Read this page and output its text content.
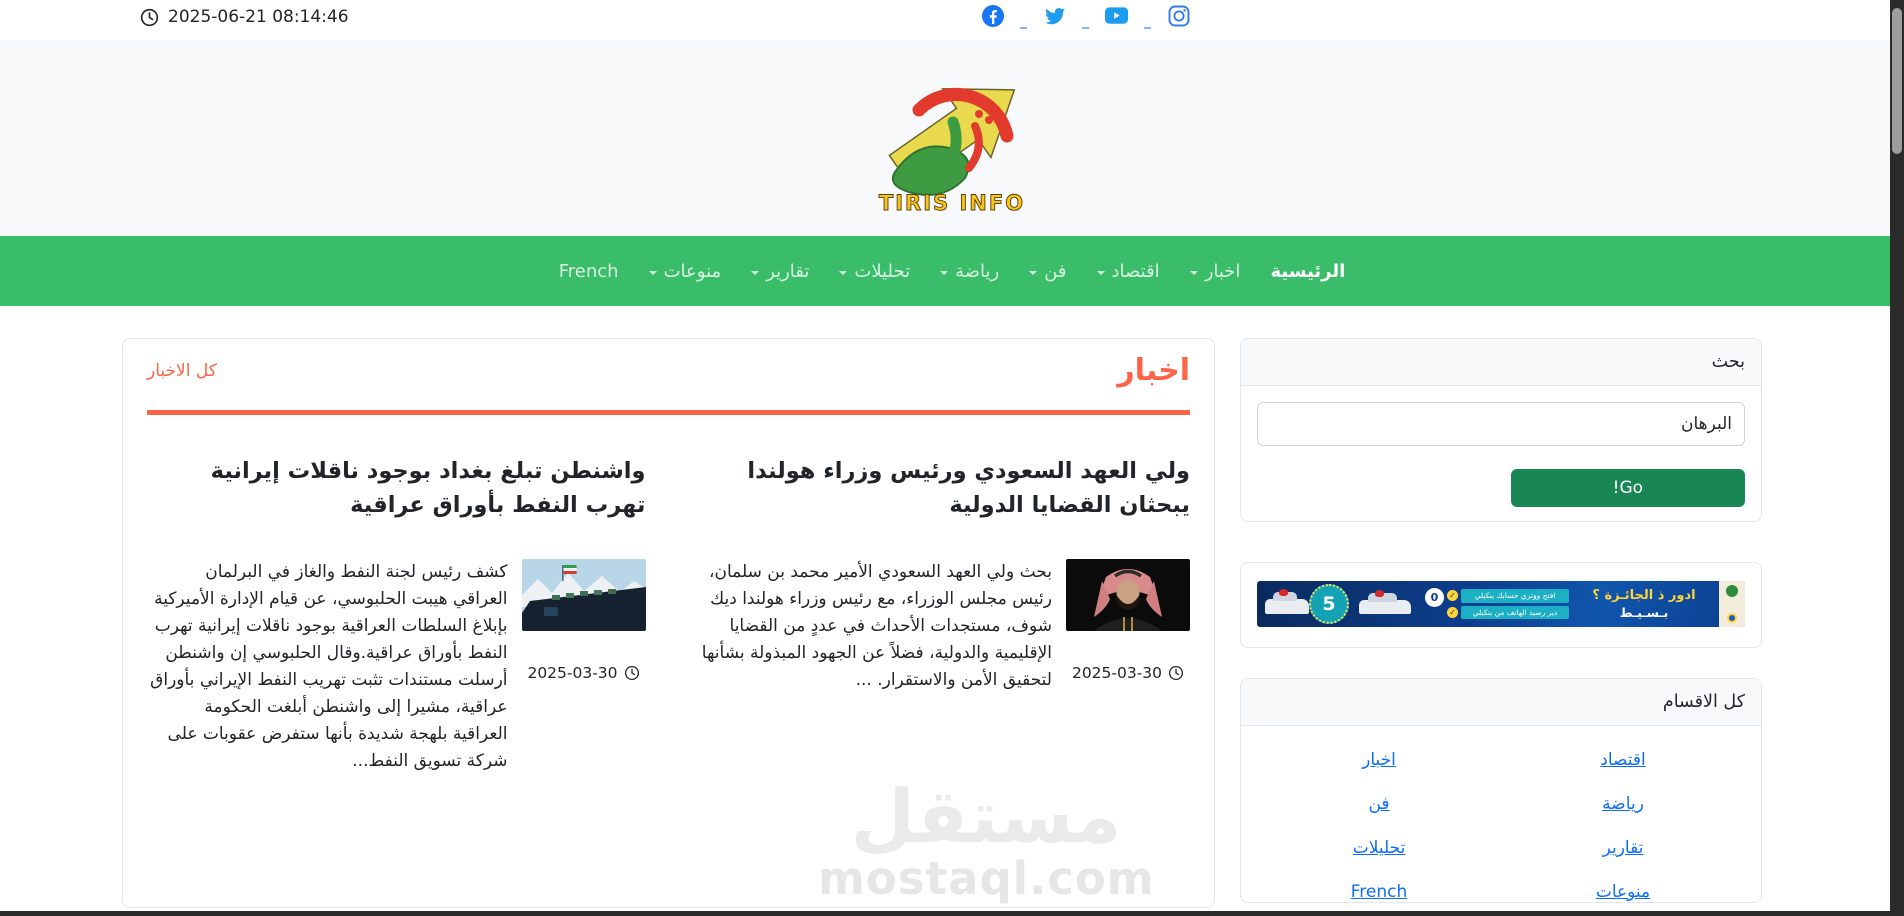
2025-06-21 08:14:46	_	_	_
TIRIS INFO
الرئيسية
اخبار
اقتصاد
فن
رياضة
تحليلات
تقارير
منوعات
French
اخبار
كل الاخبار
ولي العهد السعودي ورئيس وزراء هولندا يبحثان القضايا الدولية
2025-03-30

بحث ولي العهد السعودي الأمير محمد بن سلمان، رئيس مجلس الوزراء، مع رئيس وزراء هولندا ديك شوف، مستجدات الأحداث في عددٍ من القضايا الإقليمية والدولية، فضلاً عن الجهود المبذولة بشأنها لتحقيق الأمن والاستقرار. ...

واشنطن تبلغ بغداد بوجود ناقلات إيرانية تهرب النفط بأوراق عراقية
2025-03-30

كشف رئيس لجنة النفط والغاز في البرلمان العراقي هيبت الحلبوسي، عن قيام الإدارة الأميركية بإبلاغ السلطات العراقية بوجود ناقلات إيرانية تهرب النفط بأوراق عراقية.وقال الحلبوسي إن واشنطن أرسلت مستندات تثبت تهريب النفط الإيراني بأوراق عراقية، مشيرا إلى واشنطن أبلغت الحكومة العراقية بلهجة شديدة بأنها ستفرض عقوبات على شركة تسويق النفط...

بحث
البرهان
Go!
5	0	✓	افتح ووتري حسابك بنكيلي
✓	دير رصيد الهاتف من بنكيلي
ادور ذ الجائـزة ؟
بـسـيـط
كل الاقسام
اقتصاد
اخبار
رياضة
فن
تقارير
تحليلات
منوعات
French
مستقل
mostaql.com
